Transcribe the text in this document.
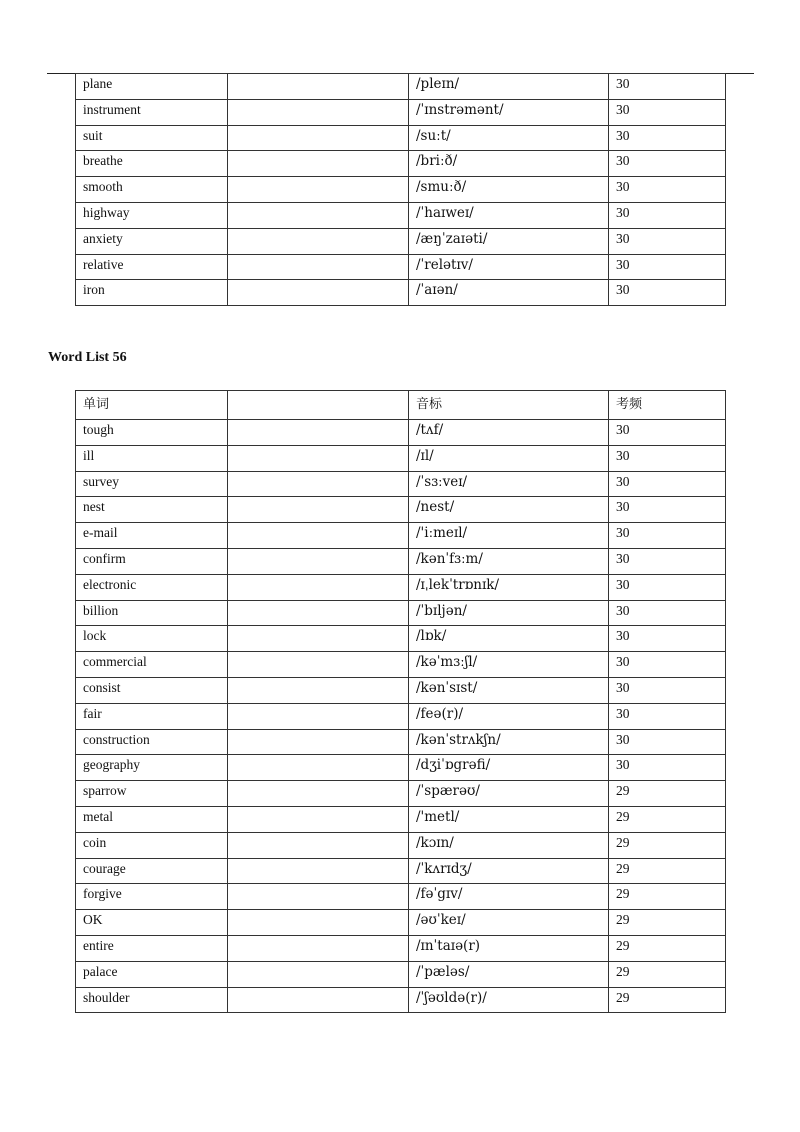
plane		/pleɪn/	30
instrument		/ˈɪnstrəmənt/	30
suit		/suːt/	30
breathe		/briːð/	30
smooth		/smuːð/	30
highway		/ˈhaɪweɪ/	30
anxiety		/æŋˈzaɪəti/	30
relative		/ˈrelətɪv/	30
iron		/ˈaɪən/	30
Word List 56
单词		音标	考频
tough		/tʌf/	30
ill		/ɪl/	30
survey		/ˈsɜːveɪ/	30
nest		/nest/	30
e-mail		/'iːmeɪl/	30
confirm		/kənˈfɜːm/	30
electronic		/ɪˌlekˈtrɒnɪk/	30
billion		/ˈbɪljən/	30
lock		/lɒk/	30
commercial		/kəˈmɜːʃl/	30
consist		/kənˈsɪst/	30
fair		/feə(r)/	30
construction		/kənˈstrʌkʃn/	30
geography		/dʒiˈɒgrəfi/	30
sparrow		/ˈspærəʊ/	29
metal		/'metl/	29
coin		/kɔɪn/	29
courage		/ˈkʌrɪdʒ/	29
forgive		/fəˈgɪv/	29
OK		/əʊˈkeɪ/	29
entire		/ɪnˈtaɪə(r)	29
palace		/ˈpæləs/	29
shoulder		/ˈʃəʊldə(r)/	29
